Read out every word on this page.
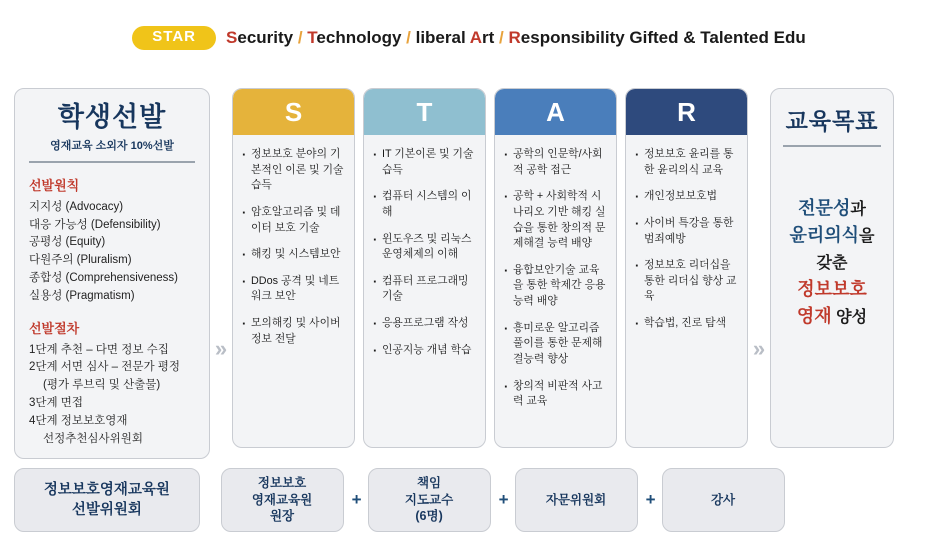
STAR	Security / Technology / liberal Art / Responsibility Gifted & Talented Edu
학생선발
영재교육 소외자 10%선발
선발원칙
지지성 (Advocacy)
대응 가능성 (Defensibility)
공평성 (Equity)
다원주의 (Pluralism)
종합성 (Comprehensiveness)
실용성 (Pragmatism)
선발절차
1단계 추천 – 다면 정보 수집
2단계 서면 심사 – 전문가 평정
(평가 루브릭 및 산출물)
3단계 면접
4단계 정보보호영재
선정추천심사위원회
»
S
· 정보보호 분야의 기본적인 이론 및 기술 습득
· 암호알고리즘 및 데이터 보호 기술
· 해킹 및 시스템보안
· DDos 공격 및 네트워크 보안
· 모의해킹 및 사이버 정보 전달
T
· IT 기본이론 및 기술습득
· 컴퓨터 시스템의 이해
· 윈도우즈 및 리눅스 운영체제의 이해
· 컴퓨터 프로그래밍 기술
· 응용프로그램 작성
· 인공지능 개념 학습
A
· 공학의 인문학/사회적 공학 접근
· 공학 + 사회학적 시나리오 기반 해킹 실습을 통한 창의적 문제해결 능력 배양
· 융합보안기술 교육을 통한 학제간 응용능력 배양
· 흥미로운 알고리즘 풀이를 통한 문제해결능력 향상
· 창의적 비판적 사고력 교육
R
· 정보보호 윤리를 통한 윤리의식 교육
· 개인정보보호법
· 사이버 특강을 통한 범죄예방
· 정보보호 리더십을 통한 리더십 향상 교육
· 학습법, 진로 탐색
»
교육목표
전문성과
윤리의식을
갖춘
정보보호
영재 양성
정보보호영재교육원
선발위원회
정보보호
영재교육원
원장
+
책임
지도교수
(6명)
+	자문위원회	+	강사
